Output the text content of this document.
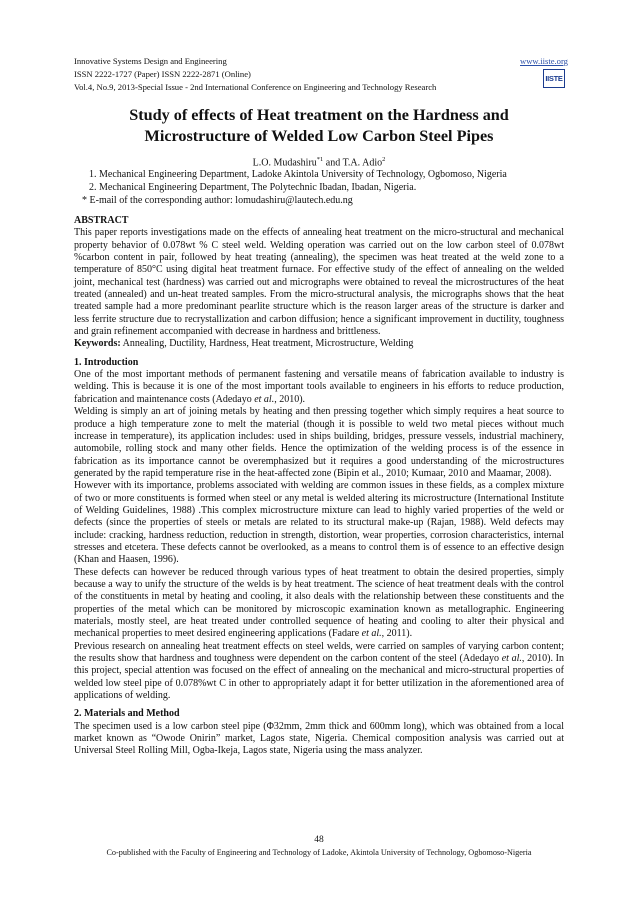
Innovative Systems Design and Engineering
ISSN 2222-1727 (Paper) ISSN 2222-2871 (Online)
Vol.4, No.9, 2013-Special Issue - 2nd International Conference on Engineering and Technology Research
www.iiste.org
IISTE
Study of effects of Heat treatment on the Hardness and
Microstructure of Welded Low Carbon Steel Pipes
L.O. Mudashiru$^{*1}$ and T.A. Adio$^2$
1. Mechanical Engineering Department, Ladoke Akintola University of Technology, Ogbomoso, Nigeria
2. Mechanical Engineering Department, The Polytechnic Ibadan, Ibadan, Nigeria.
* E-mail of the corresponding author: lomudashiru@lautech.edu.ng

ABSTRACT

This paper reports investigations made on the effects of annealing heat treatment on the micro-structural and mechanical property behavior of 0.078wt % C steel weld. Welding operation was carried out on the low carbon steel of 0.078wt %carbon content in pair, followed by heat treating (annealing), the specimen was heat treated at the weld zone to a temperature of 850°C using digital heat treatment furnace. For effective study of the effect of annealing on the welded joint, mechanical test (hardness) was carried out and micrographs were obtained to reveal the microstructures of the heat treated (annealed) and un-heat treated samples. From the micro-structural analysis, the micrographs shows that the heat treated sample had a more predominant pearlite structure which is the reason larger areas of the structure is darker and less ferrite structure due to recrystallization and carbon diffusion; hence a significant improvement in ductility, toughness and grain refinement accompanied with decrease in hardness and brittleness.

Keywords: Annealing, Ductility, Hardness, Heat treatment, Microstructure, Welding

1. Introduction

One of the most important methods of permanent fastening and versatile means of fabrication available to industry is welding. This is because it is one of the most important tools available to engineers in his efforts to reduce production, fabrication and maintenance costs (Adedayo et al., 2010).

Welding is simply an art of joining metals by heating and then pressing together which simply requires a heat source to produce a high temperature zone to melt the material (though it is possible to weld two metal pieces without much increase in temperature), its application includes: used in ships building, bridges, pressure vessels, industrial machinery, automobile, rolling stock and many other fields. Hence the optimization of the welding process is of the essence in fabrication as its importance cannot be overemphasized but it requires a good understanding of the microstructures generated by the rapid temperature rise in the heat-affected zone (Bipin et al., 2010; Kumaar, 2010 and Maamar, 2008).

However with its importance, problems associated with welding are common issues in these fields, as a complex mixture of two or more constituents is formed when steel or any metal is welded altering its microstructure (International Institute of Welding Guidelines, 1988) .This complex microstructure mixture can lead to highly varied properties of the weld or defects (since the properties of steels or metals are related to its structural make-up (Rajan, 1988). Weld defects may include: cracking, hardness reduction, reduction in strength, distortion, wear properties, corrosion characteristics, internal stresses and etcetera. These defects cannot be overlooked, as a means to control them is of essence to an effective design (Khan and Haasen, 1996).

These defects can however be reduced through various types of heat treatment to obtain the desired properties, simply because a way to unify the structure of the welds is by heat treatment. The science of heat treatment deals with the control of the constituents in metal by heating and cooling, it also deals with the relationship between these constituents and the properties of the metal which can be monitored by microscopic examination known as metallographic. Engineering materials, mostly steel, are heat treated under controlled sequence of heating and cooling to alter their physical and mechanical properties to meet desired engineering applications (Fadare et al., 2011).

Previous research on annealing heat treatment effects on steel welds, were carried on samples of varying carbon content; the results show that hardness and toughness were dependent on the carbon content of the steel (Adedayo et al., 2010). In this project, special attention was focused on the effect of annealing on the mechanical and micro-structural properties of welded low steel pipe of 0.078%wt C in other to appropriately adapt it for better utilization in the aforementioned area of applications of welding.

2. Materials and Method

The specimen used is a low carbon steel pipe (Φ32mm, 2mm thick and 600mm long), which was obtained from a local market known as “Owode Onirin” market, Lagos state, Nigeria. Chemical composition analysis was carried out at Universal Steel Rolling Mill, Ogba-Ikeja, Lagos state, Nigeria using the mass analyzer.

48
Co-published with the Faculty of Engineering and Technology of Ladoke, Akintola University of Technology, Ogbomoso-Nigeria
